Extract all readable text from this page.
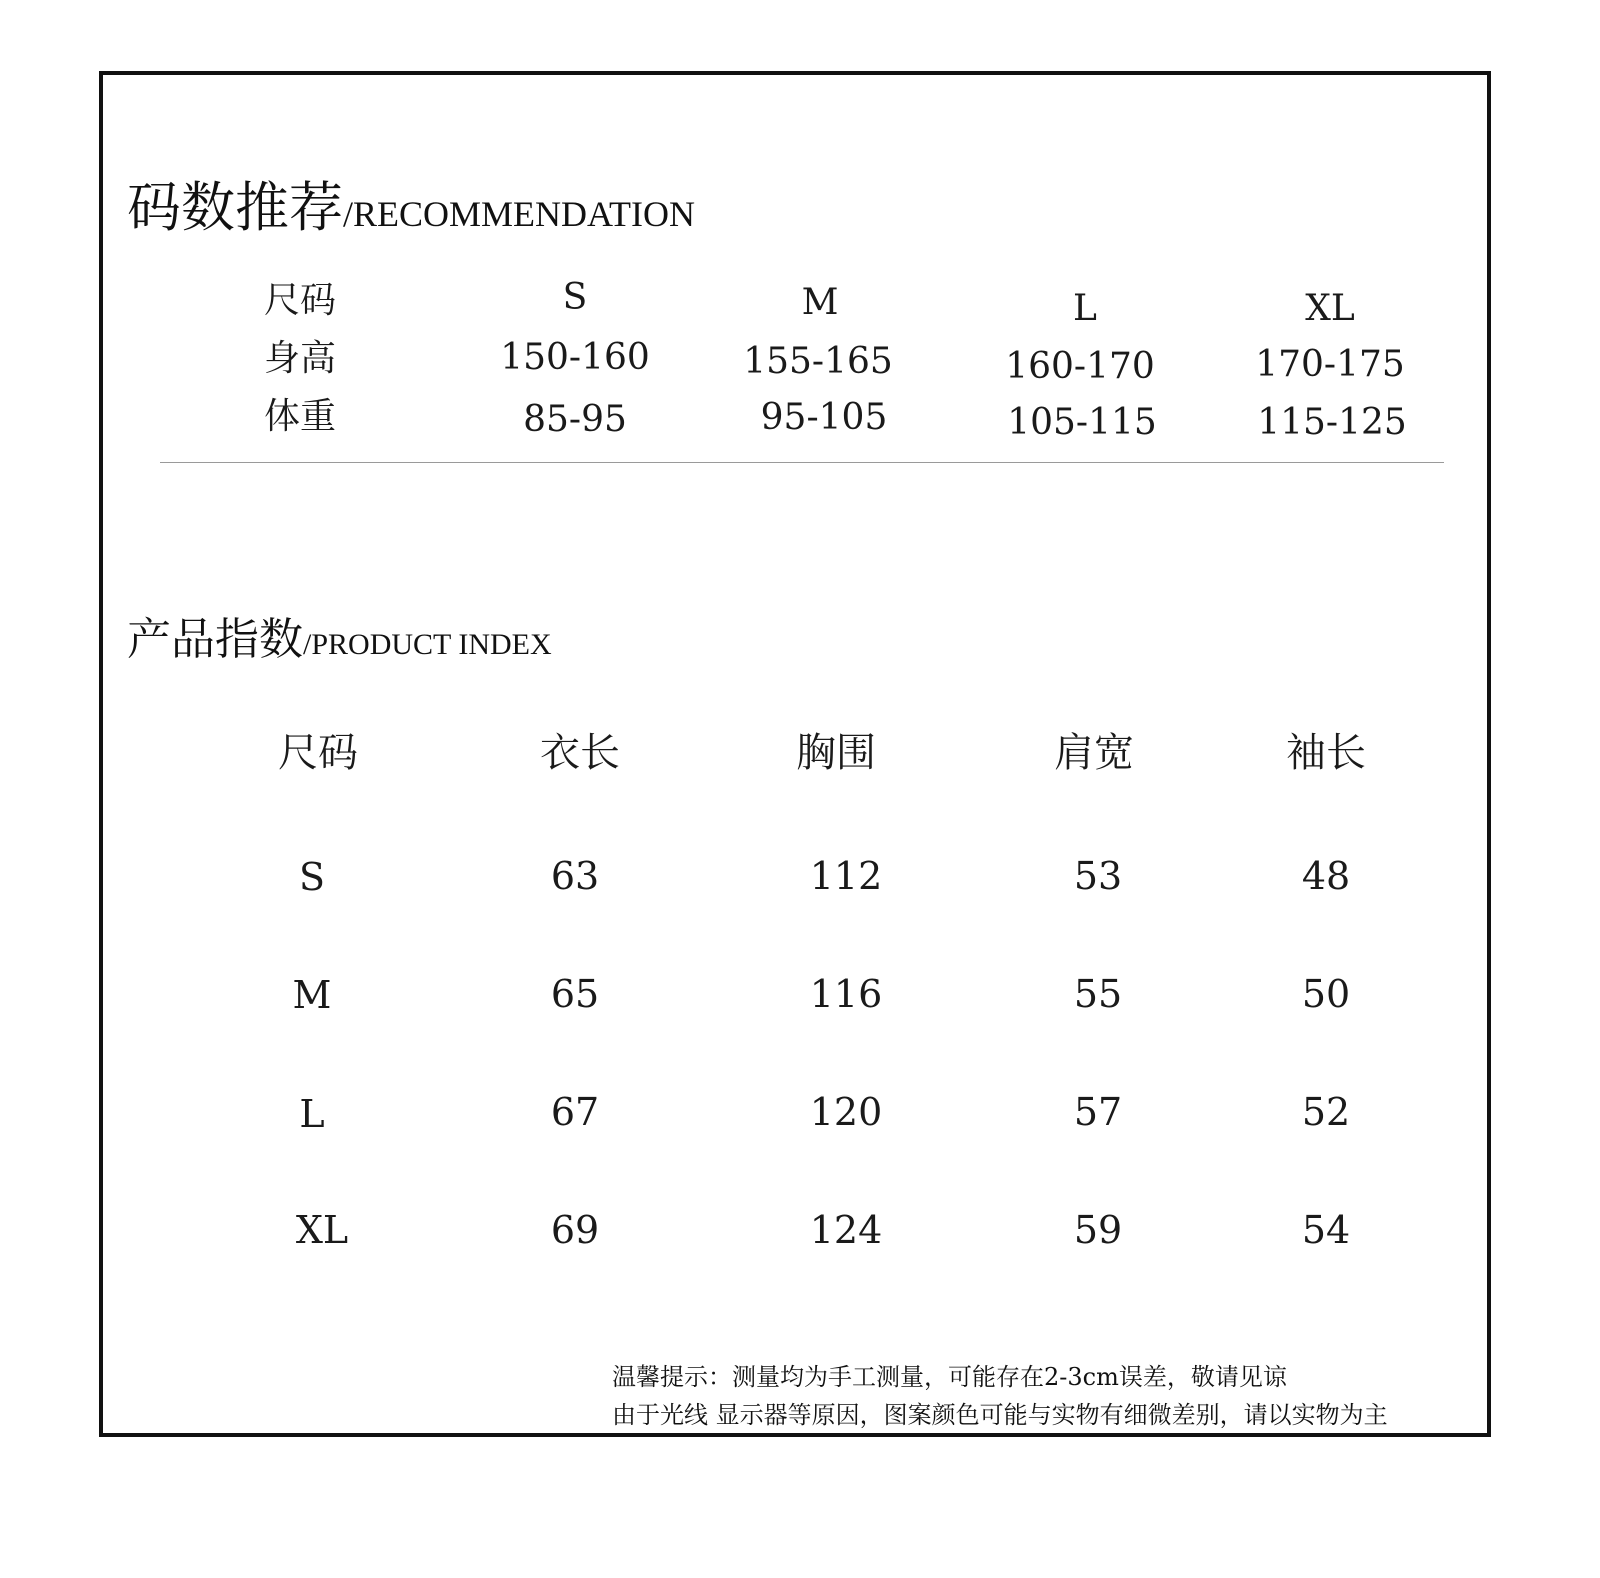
码数推荐/RECOMMENDATION
尺码	S	M	L	XL
身高	150-160	155-165	160-170	170-175
体重	85-95	95-105	105-115	115-125
产品指数/PRODUCT INDEX
尺码	衣长	胸围	肩宽	袖长
S	63	112	53	48
M	65	116	55	50
L	67	120	57	52
XL	69	124	59	54
温馨提示：测量均为手工测量，可能存在2-3cm误差，敬请见谅
由于光线 显示器等原因，图案颜色可能与实物有细微差别，请以实物为主
